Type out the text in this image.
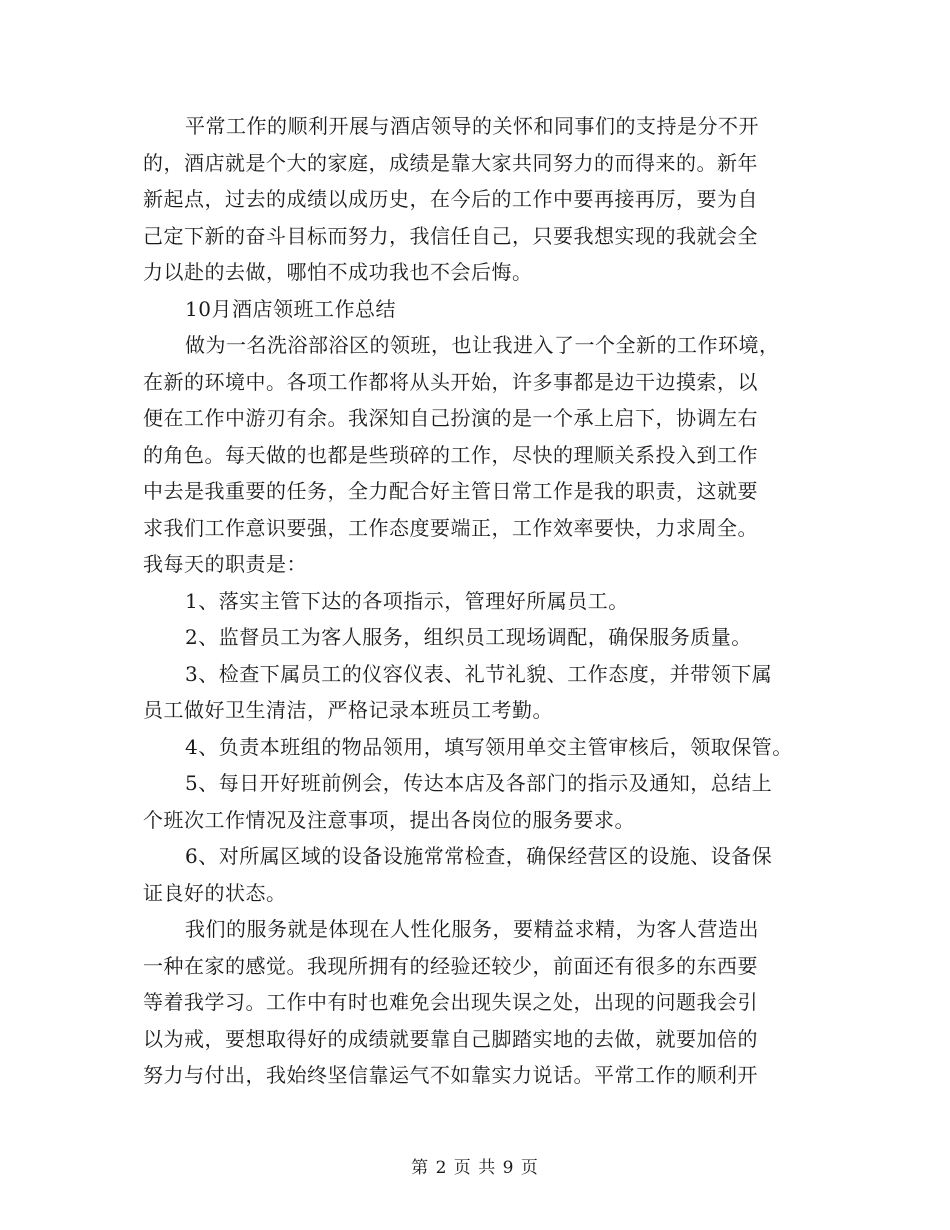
平常工作的顺利开展与酒店领导的关怀和同事们的支持是分不开
的，酒店就是个大的家庭，成绩是靠大家共同努力的而得来的。新年
新起点，过去的成绩以成历史，在今后的工作中要再接再厉，要为自
己定下新的奋斗目标而努力，我信任自己，只要我想实现的我就会全
力以赴的去做，哪怕不成功我也不会后悔。
10月酒店领班工作总结
做为一名洗浴部浴区的领班，也让我进入了一个全新的工作环境，
在新的环境中。各项工作都将从头开始，许多事都是边干边摸索，以
便在工作中游刃有余。我深知自己扮演的是一个承上启下，协调左右
的角色。每天做的也都是些琐碎的工作，尽快的理顺关系投入到工作
中去是我重要的任务，全力配合好主管日常工作是我的职责，这就要
求我们工作意识要强，工作态度要端正，工作效率要快，力求周全。
我每天的职责是：
1、落实主管下达的各项指示，管理好所属员工。
2、监督员工为客人服务，组织员工现场调配，确保服务质量。
3、检查下属员工的仪容仪表、礼节礼貌、工作态度，并带领下属
员工做好卫生清洁，严格记录本班员工考勤。
4、负责本班组的物品领用，填写领用单交主管审核后，领取保管。
5、每日开好班前例会，传达本店及各部门的指示及通知，总结上
个班次工作情况及注意事项，提出各岗位的服务要求。
6、对所属区域的设备设施常常检查，确保经营区的设施、设备保
证良好的状态。
我们的服务就是体现在人性化服务，要精益求精，为客人营造出
一种在家的感觉。我现所拥有的经验还较少，前面还有很多的东西要
等着我学习。工作中有时也难免会出现失误之处，出现的问题我会引
以为戒，要想取得好的成绩就要靠自己脚踏实地的去做，就要加倍的
努力与付出，我始终坚信靠运气不如靠实力说话。平常工作的顺利开
第 2 页 共 9 页
